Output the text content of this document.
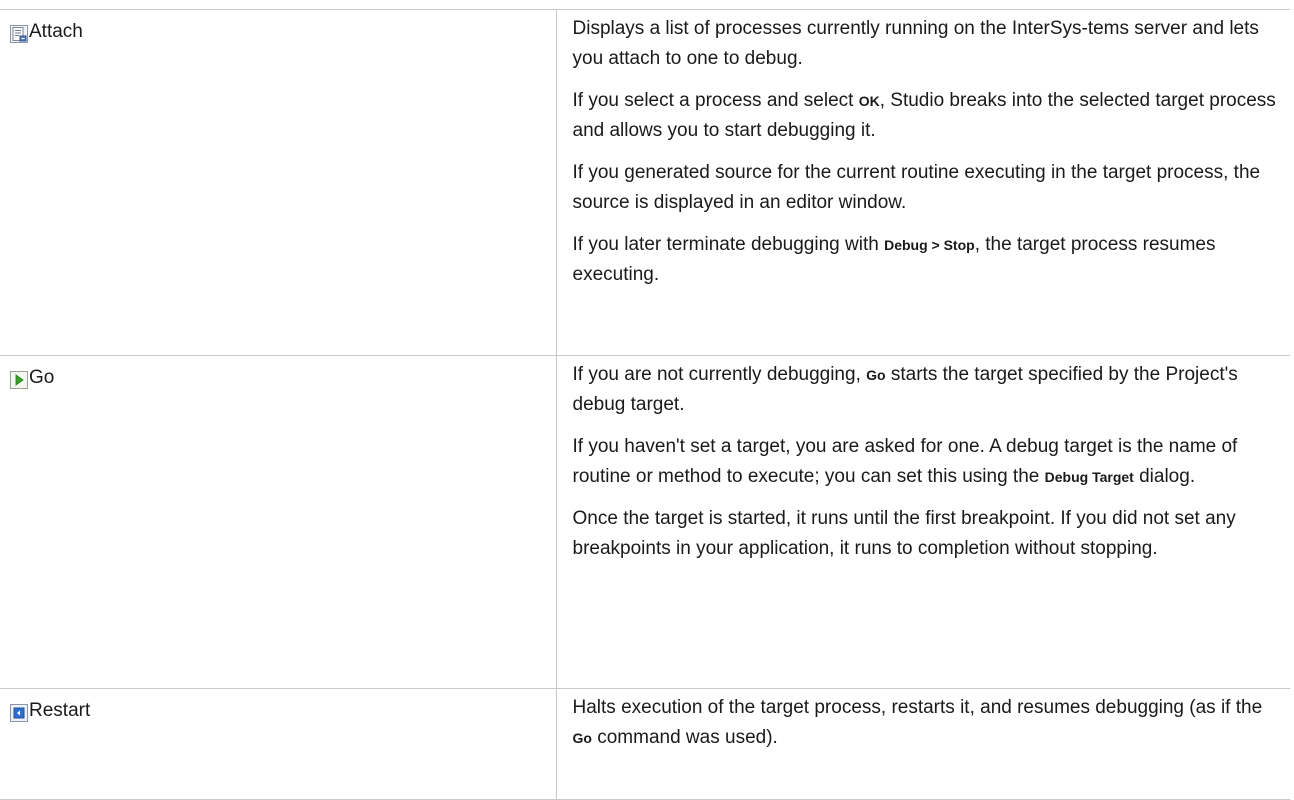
Attach	Displays a list of processes currently running on the InterSys-tems server and lets you attach to one to debug.

If you select a process and select OK, Studio breaks into the selected target process and allows you to start debugging it.

If you generated source for the current routine executing in the target process, the source is displayed in an editor window.

If you later terminate debugging with Debug > Stop, the target process resumes executing.

Go	If you are not currently debugging, Go starts the target specified by the Project's debug target.

If you haven't set a target, you are asked for one. A debug target is the name of routine or method to execute; you can set this using the Debug Target dialog.

Once the target is started, it runs until the first breakpoint. If you did not set any breakpoints in your application, it runs to completion without stopping.

Restart	Halts execution of the target process, restarts it, and resumes debugging (as if the Go command was used).
